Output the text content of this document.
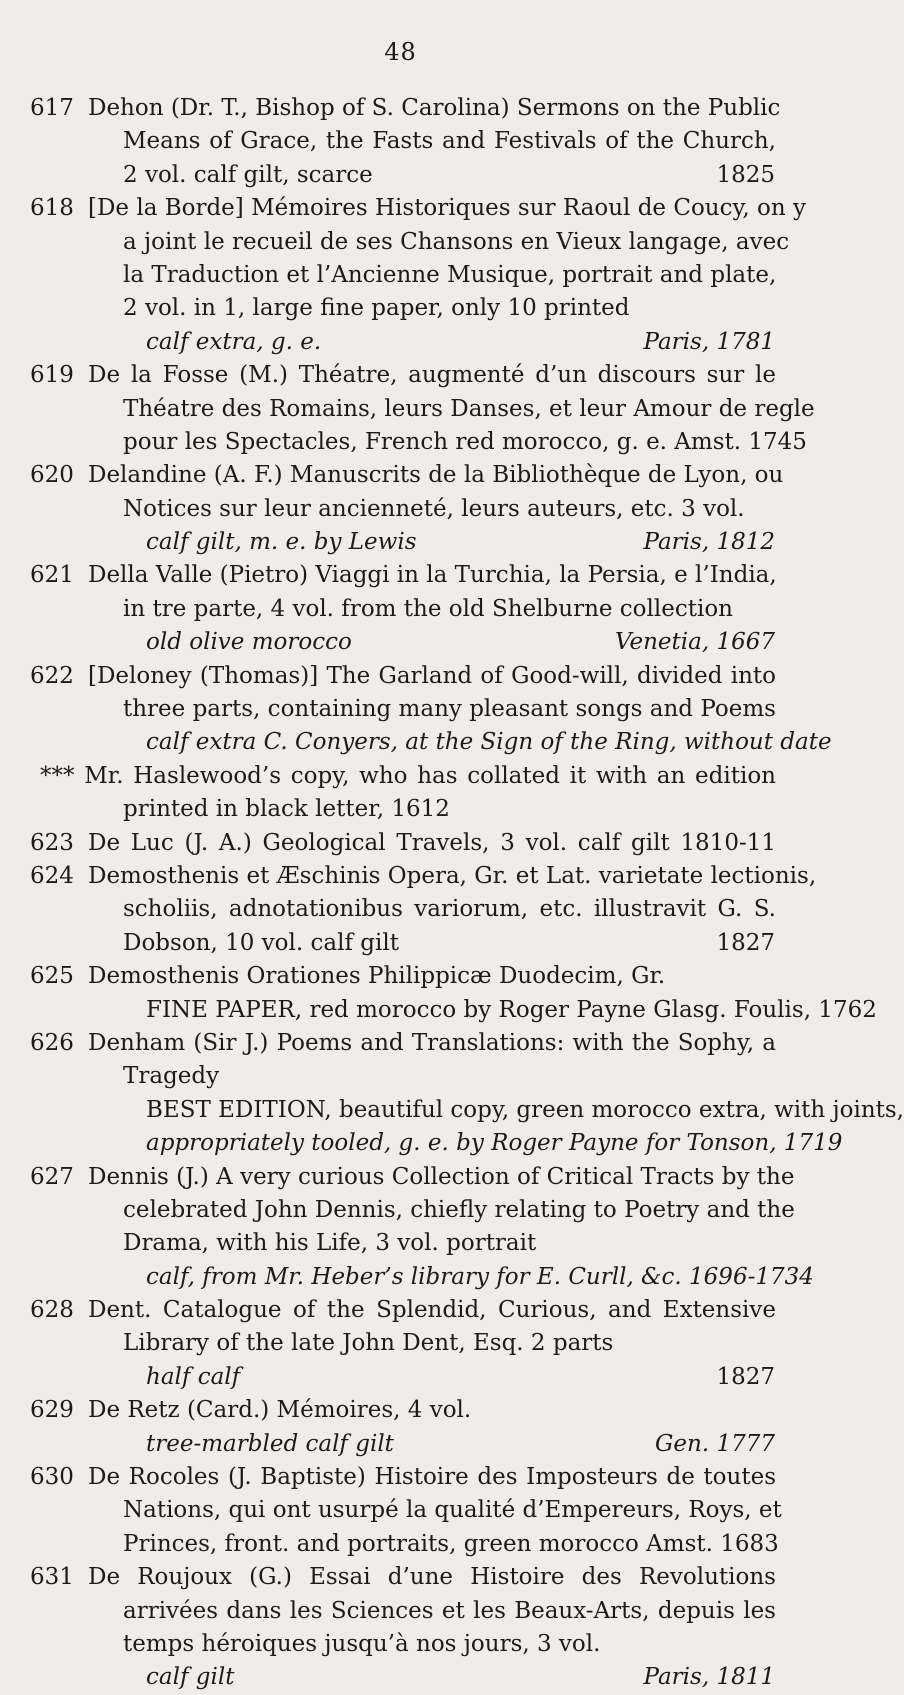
48
617 Dehon (Dr. T., Bishop of S. Carolina) Sermons on the Public
Means of Grace, the Fasts and Festivals of the Church,
2 vol. calf gilt, scarce	1825
618 [De la Borde] Mémoires Historiques sur Raoul de Coucy, on y
a joint le recueil de ses Chansons en Vieux langage, avec
la Traduction et l’Ancienne Musique, portrait and plate,
2 vol. in 1, large fine paper, only 10 printed
calf extra, g. e.	Paris, 1781
619 De la Fosse (M.) Théatre, augmenté d’un discours sur le
Théatre des Romains, leurs Danses, et leur Amour de regle
pour les Spectacles, French red morocco, g. e. Amst. 1745
620 Delandine (A. F.) Manuscrits de la Bibliothèque de Lyon, ou
Notices sur leur ancienneté, leurs auteurs, etc. 3 vol.
calf gilt, m. e. by Lewis	Paris, 1812
621 Della Valle (Pietro) Viaggi in la Turchia, la Persia, e l’India,
in tre parte, 4 vol. from the old Shelburne collection
old olive morocco	Venetia, 1667
622 [Deloney (Thomas)] The Garland of Good-will, divided into
three parts, containing many pleasant songs and Poems
calf extra C. Conyers, at the Sign of the Ring, without date
*** Mr. Haslewood’s copy, who has collated it with an edition
printed in black letter, 1612
623 De Luc (J. A.) Geological Travels, 3 vol. calf gilt 1810-11
624 Demosthenis et Æschinis Opera, Gr. et Lat. varietate lectionis,
scholiis, adnotationibus variorum, etc. illustravit G. S.
Dobson, 10 vol. calf gilt	1827
625 Demosthenis Orationes Philippicæ Duodecim, Gr.
FINE PAPER, red morocco by Roger Payne Glasg. Foulis, 1762
626 Denham (Sir J.) Poems and Translations: with the Sophy, a
Tragedy
BEST EDITION, beautiful copy, green morocco extra, with joints,
appropriately tooled, g. e. by Roger Payne for Tonson, 1719
627 Dennis (J.) A very curious Collection of Critical Tracts by the
celebrated John Dennis, chiefly relating to Poetry and the
Drama, with his Life, 3 vol. portrait
calf, from Mr. Heber’s library for E. Curll, &c. 1696-1734
628 Dent. Catalogue of the Splendid, Curious, and Extensive
Library of the late John Dent, Esq. 2 parts
half calf	1827
629 De Retz (Card.) Mémoires, 4 vol.
tree-marbled calf gilt	Gen. 1777
630 De Rocoles (J. Baptiste) Histoire des Imposteurs de toutes
Nations, qui ont usurpé la qualité d’Empereurs, Roys, et
Princes, front. and portraits, green morocco Amst. 1683
631 De Roujoux (G.) Essai d’une Histoire des Revolutions
arrivées dans les Sciences et les Beaux-Arts, depuis les
temps héroiques jusqu’à nos jours, 3 vol.
calf gilt	Paris, 1811
